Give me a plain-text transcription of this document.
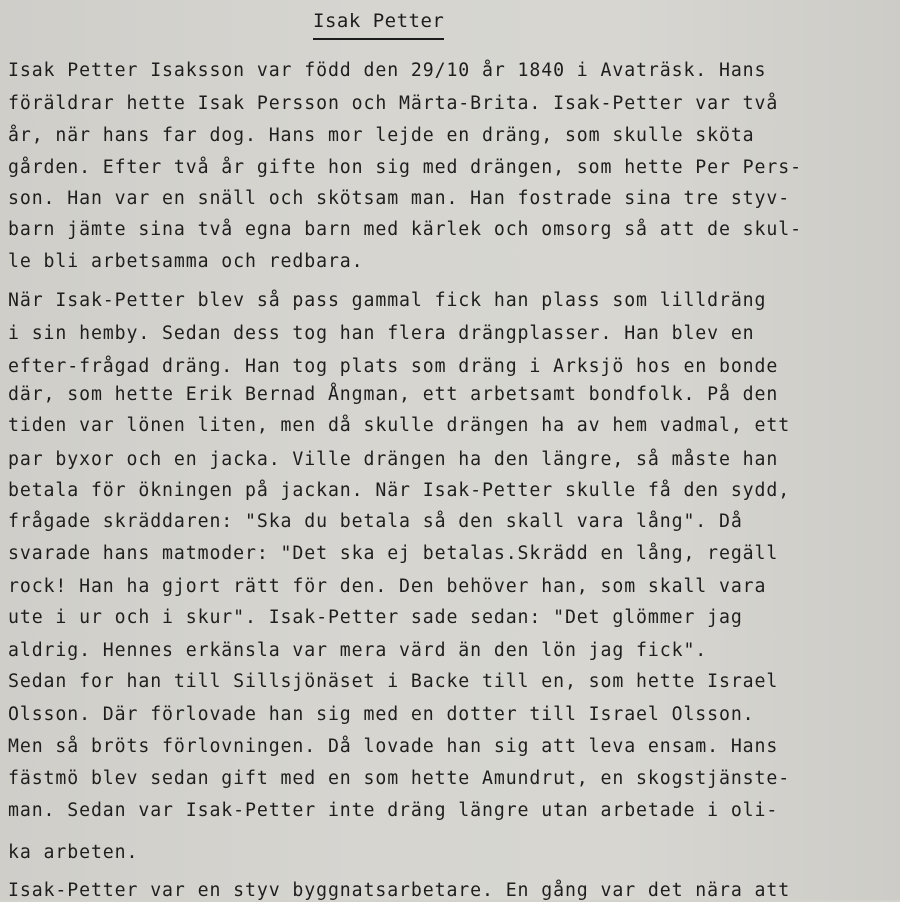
Isak Petter
Isak Petter Isaksson var född den 29/10 år 1840 i Avaträsk. Hans
föräldrar hette Isak Persson och Märta-Brita. Isak-Petter var två
år, när hans far dog. Hans mor lejde en dräng, som skulle sköta
gården. Efter två år gifte hon sig med drängen, som hette Per Pers-
son. Han var en snäll och skötsam man. Han fostrade sina tre styv-
barn jämte sina två egna barn med kärlek och omsorg så att de skul-
le bli arbetsamma och redbara.
När Isak-Petter blev så pass gammal fick han plass som lilldräng
i sin hemby. Sedan dess tog han flera drängplasser. Han blev en
efter-frågad dräng. Han tog plats som dräng i Arksjö hos en bonde
där, som hette Erik Bernad Ångman, ett arbetsamt bondfolk. På den
tiden var lönen liten, men då skulle drängen ha av hem vadmal, ett
par byxor och en jacka. Ville drängen ha den längre, så måste han
betala för ökningen på jackan. När Isak-Petter skulle få den sydd,
frågade skräddaren: "Ska du betala så den skall vara lång". Då
svarade hans matmoder: "Det ska ej betalas.Skrädd en lång, regäll
rock! Han ha gjort rätt för den. Den behöver han, som skall vara
ute i ur och i skur". Isak-Petter sade sedan: "Det glömmer jag
aldrig. Hennes erkänsla var mera värd än den lön jag fick".
Sedan for han till Sillsjönäset i Backe till en, som hette Israel
Olsson. Där förlovade han sig med en dotter till Israel Olsson.
Men så bröts förlovningen. Då lovade han sig att leva ensam. Hans
fästmö blev sedan gift med en som hette Amundrut, en skogstjänste-
man. Sedan var Isak-Petter inte dräng längre utan arbetade i oli-
ka arbeten.
Isak-Petter var en styv byggnatsarbetare. En gång var det nära att
